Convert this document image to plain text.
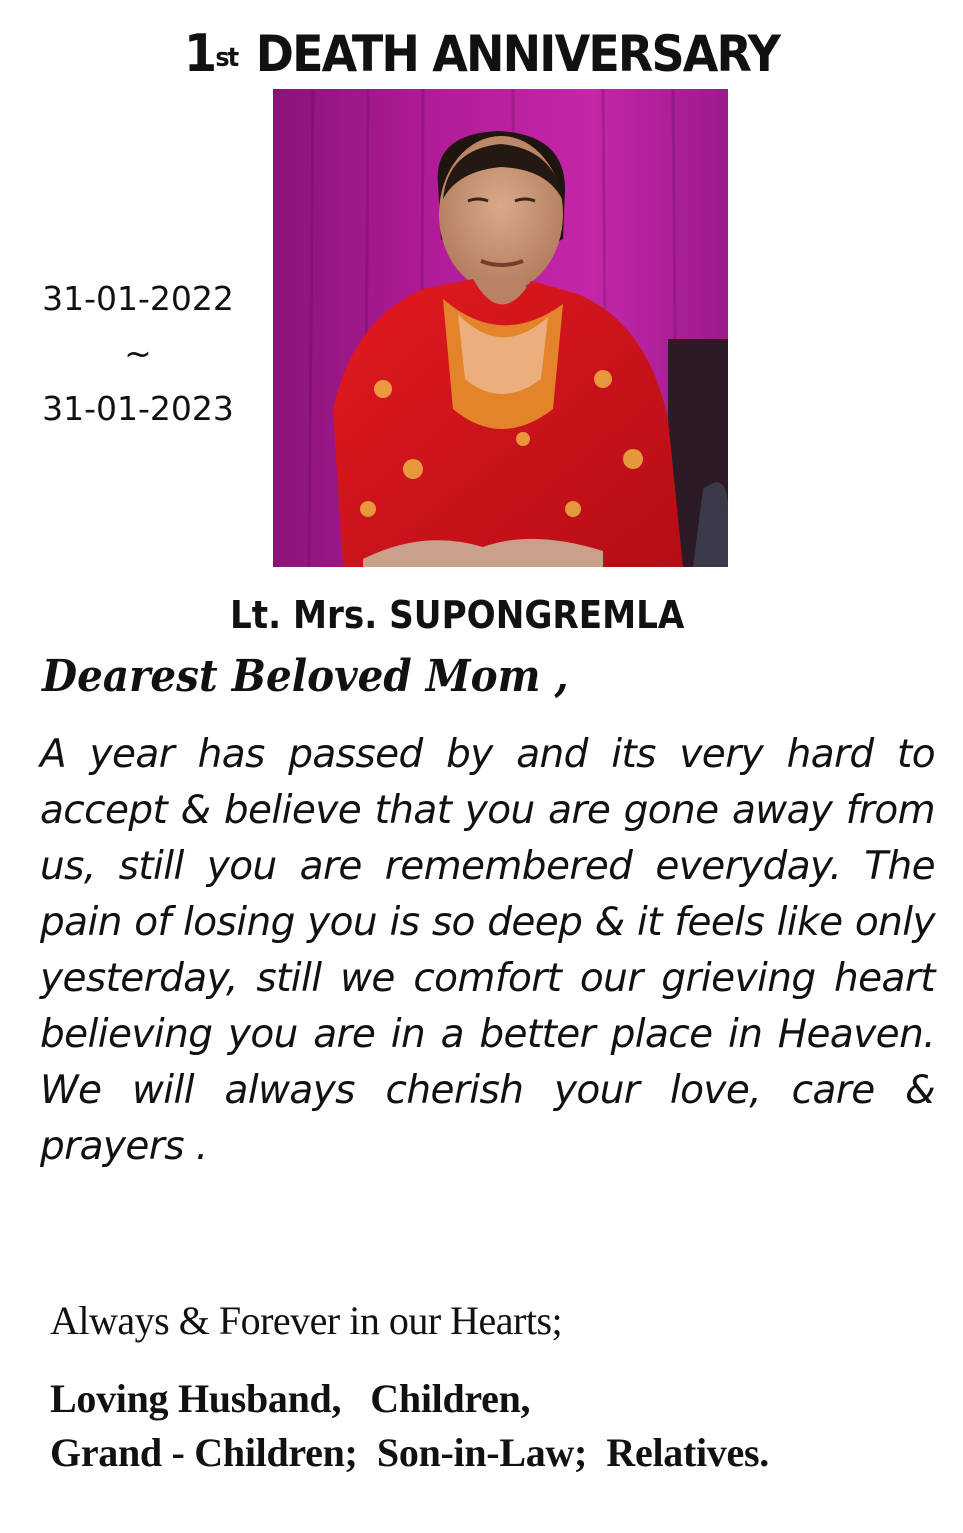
1st DEATH ANNIVERSARY
31-01-2022
~
31-01-2023
Lt. Mrs. SUPONGREMLA
Dearest Beloved Mom ,
A year has passed by and its very hard to
accept & believe that you are gone away from
us, still you are remembered everyday. The
pain of losing you is so deep & it feels like only
yesterday, still we comfort our grieving heart
believing you are in a better place in Heaven.
We will always cherish your love, care &
prayers .
Always & Forever in our Hearts;
Loving Husband,   Children,
Grand - Children;  Son-in-Law;  Relatives.
